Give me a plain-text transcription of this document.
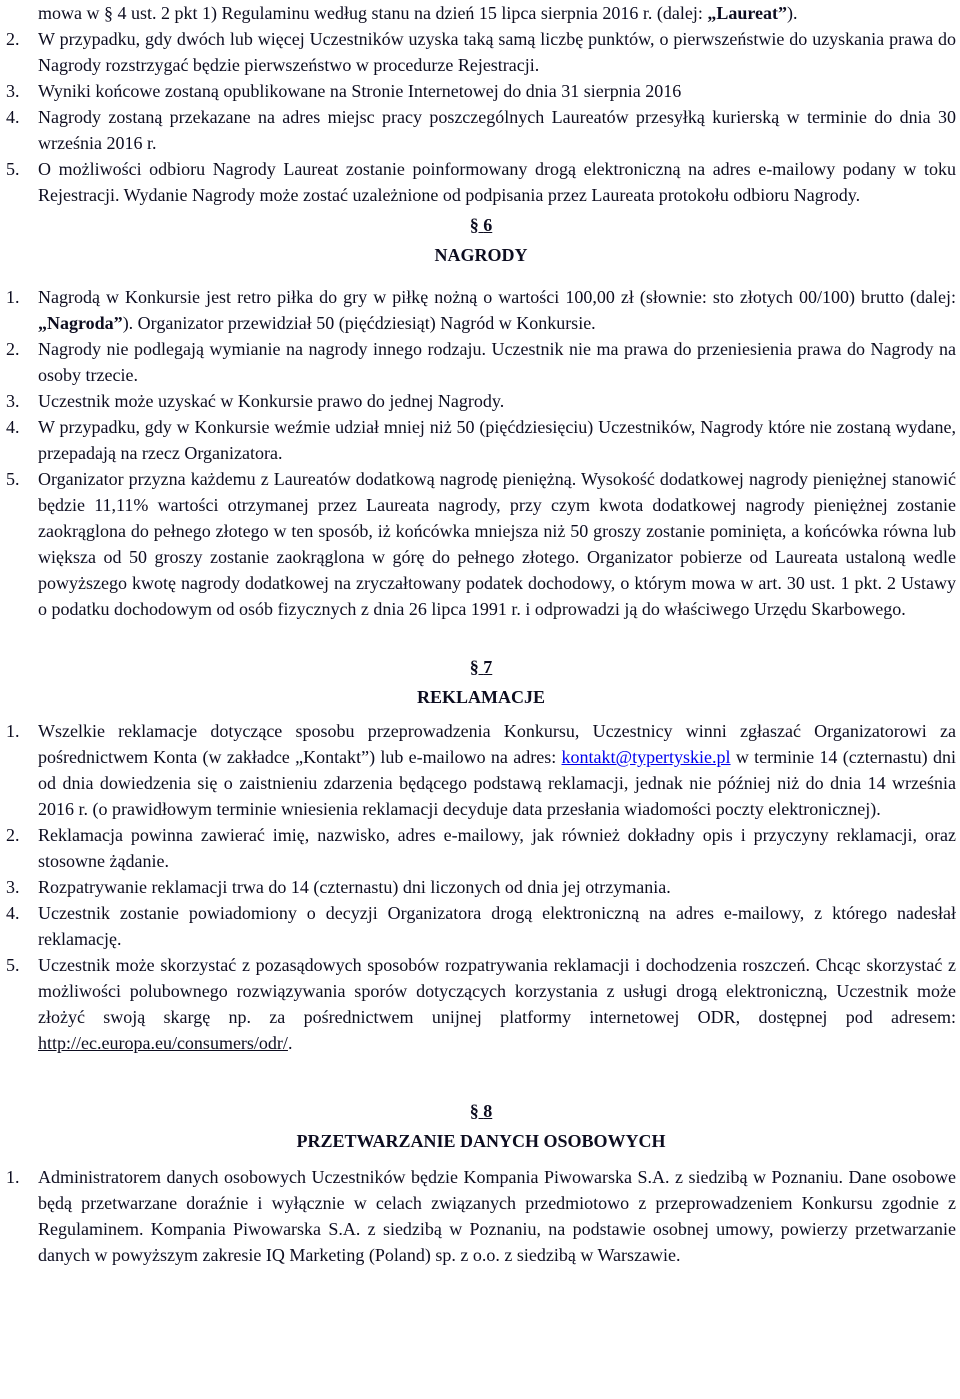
mowa w § 4 ust. 2 pkt 1) Regulaminu według stanu na dzień 15 lipca sierpnia 2016 r. (dalej: „Laureat”).

2.	W przypadku, gdy dwóch lub więcej Uczestników uzyska taką samą liczbę punktów, o pierwszeństwie do uzyskania prawa do Nagrody rozstrzygać będzie pierwszeństwo w procedurze Rejestracji.
3.	Wyniki końcowe zostaną opublikowane na Stronie Internetowej do dnia 31 sierpnia 2016
4.	Nagrody zostaną przekazane na adres miejsc pracy poszczególnych Laureatów przesyłką kurierską w terminie do dnia 30 września 2016 r.
5.	O możliwości odbioru Nagrody Laureat zostanie poinformowany drogą elektroniczną na adres e-mailowy podany w toku Rejestracji. Wydanie Nagrody może zostać uzależnione od podpisania przez Laureata protokołu odbioru Nagrody.

§ 6

NAGRODY

1.	Nagrodą w Konkursie jest retro piłka do gry w piłkę nożną o wartości 100,00 zł (słownie: sto złotych 00/100) brutto (dalej: „Nagroda”). Organizator przewidział 50 (pięćdziesiąt) Nagród w Konkursie.
2.	Nagrody nie podlegają wymianie na nagrody innego rodzaju. Uczestnik nie ma prawa do przeniesienia prawa do Nagrody na osoby trzecie.
3.	Uczestnik może uzyskać w Konkursie prawo do jednej Nagrody.
4.	W przypadku, gdy w Konkursie weźmie udział mniej niż 50 (pięćdziesięciu) Uczestników, Nagrody które nie zostaną wydane, przepadają na rzecz Organizatora.
5.	Organizator przyzna każdemu z Laureatów dodatkową nagrodę pieniężną. Wysokość dodatkowej nagrody pieniężnej stanowić będzie 11,11% wartości otrzymanej przez Laureata nagrody, przy czym kwota dodatkowej nagrody pieniężnej zostanie zaokrąglona do pełnego złotego w ten sposób, iż końcówka mniejsza niż 50 groszy zostanie pominięta, a końcówka równa lub większa od 50 groszy zostanie zaokrąglona w górę do pełnego złotego. Organizator pobierze od Laureata ustaloną wedle powyższego kwotę nagrody dodatkowej na zryczałtowany podatek dochodowy, o którym mowa w art. 30 ust. 1 pkt. 2 Ustawy o podatku dochodowym od osób fizycznych z dnia 26 lipca 1991 r. i odprowadzi ją do właściwego Urzędu Skarbowego.

§ 7

REKLAMACJE

1.	Wszelkie reklamacje dotyczące sposobu przeprowadzenia Konkursu, Uczestnicy winni zgłaszać Organizatorowi za pośrednictwem Konta (w zakładce „Kontakt”) lub e-mailowo na adres: kontakt@typertyskie.pl w terminie 14 (czternastu) dni od dnia dowiedzenia się o zaistnieniu zdarzenia będącego podstawą reklamacji, jednak nie później niż do dnia 14 września 2016 r. (o prawidłowym terminie wniesienia reklamacji decyduje data przesłania wiadomości poczty elektronicznej).
2.	Reklamacja powinna zawierać imię, nazwisko, adres e-mailowy, jak również dokładny opis i przyczyny reklamacji, oraz stosowne żądanie.
3.	Rozpatrywanie reklamacji trwa do 14 (czternastu) dni liczonych od dnia jej otrzymania.
4.	Uczestnik zostanie powiadomiony o decyzji Organizatora drogą elektroniczną na adres e-mailowy, z którego nadesłał reklamację.
5.	Uczestnik może skorzystać z pozasądowych sposobów rozpatrywania reklamacji i dochodzenia roszczeń. Chcąc skorzystać z możliwości polubownego rozwiązywania sporów dotyczących korzystania z usługi drogą elektroniczną, Uczestnik może złożyć swoją skargę np. za pośrednictwem unijnej platformy internetowej ODR, dostępnej pod adresem: http://ec.europa.eu/consumers/odr/.

§ 8

PRZETWARZANIE DANYCH OSOBOWYCH

1.	Administratorem danych osobowych Uczestników będzie Kompania Piwowarska S.A. z siedzibą w Poznaniu. Dane osobowe będą przetwarzane doraźnie i wyłącznie w celach związanych przedmiotowo z przeprowadzeniem Konkursu zgodnie z Regulaminem. Kompania Piwowarska S.A. z siedzibą w Poznaniu, na podstawie osobnej umowy, powierzy przetwarzanie danych w powyższym zakresie IQ Marketing (Poland) sp. z o.o. z siedzibą w Warszawie.
